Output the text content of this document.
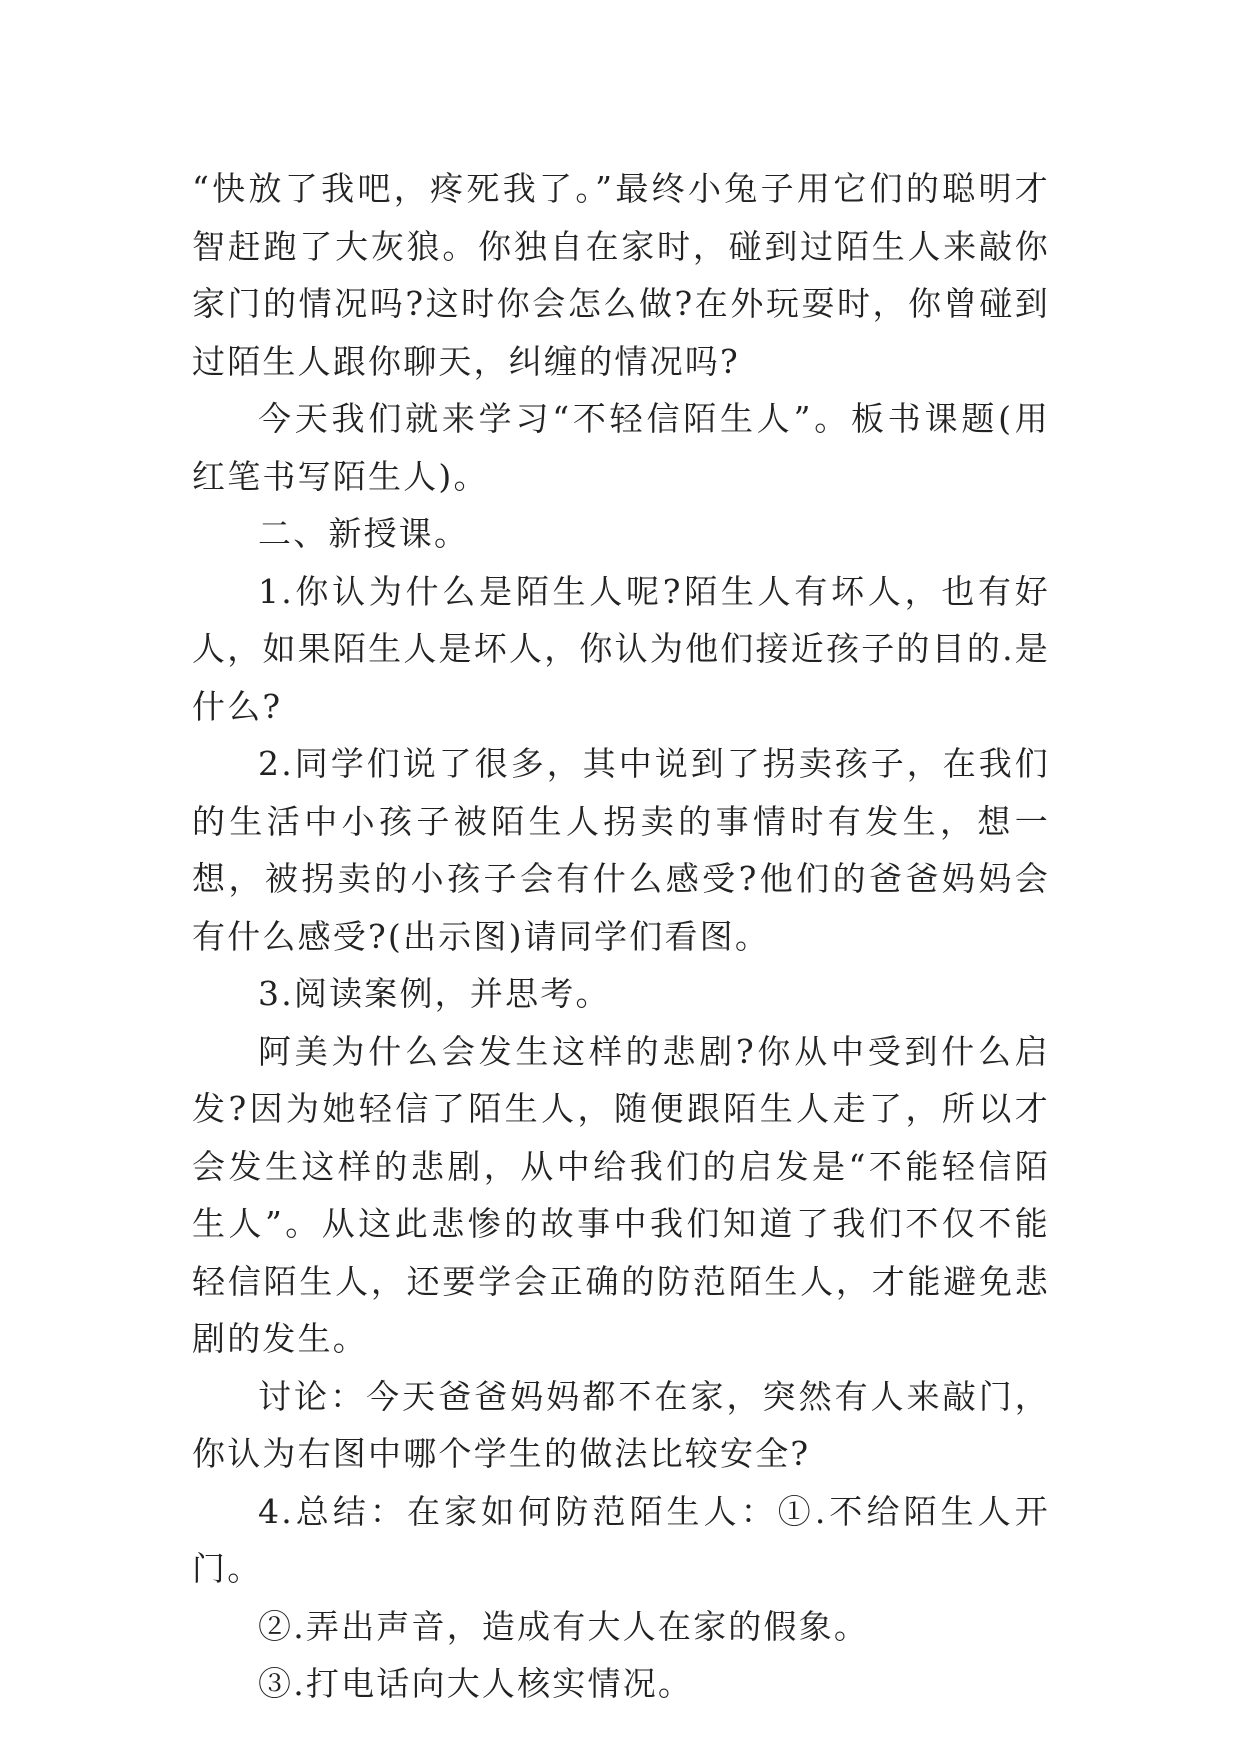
“快放了我吧，疼死我了。”最终小兔子用它们的聪明才智赶跑了大灰狼。你独自在家时，碰到过陌生人来敲你家门的情况吗?这时你会怎么做?在外玩耍时，你曾碰到过陌生人跟你聊天，纠缠的情况吗?

今天我们就来学习“不轻信陌生人”。板书课题(用红笔书写陌生人)。

二、新授课。

1.你认为什么是陌生人呢?陌生人有坏人，也有好人，如果陌生人是坏人，你认为他们接近孩子的目的.是什么?

2.同学们说了很多，其中说到了拐卖孩子，在我们的生活中小孩子被陌生人拐卖的事情时有发生，想一想，被拐卖的小孩子会有什么感受?他们的爸爸妈妈会有什么感受?(出示图)请同学们看图。

3.阅读案例，并思考。

阿美为什么会发生这样的悲剧?你从中受到什么启发?因为她轻信了陌生人，随便跟陌生人走了，所以才会发生这样的悲剧，从中给我们的启发是“不能轻信陌生人”。从这此悲惨的故事中我们知道了我们不仅不能轻信陌生人，还要学会正确的防范陌生人，才能避免悲剧的发生。

讨论：今天爸爸妈妈都不在家，突然有人来敲门，你认为右图中哪个学生的做法比较安全?

4.总结：在家如何防范陌生人：①.不给陌生人开门。

②.弄出声音，造成有大人在家的假象。

③.打电话向大人核实情况。
